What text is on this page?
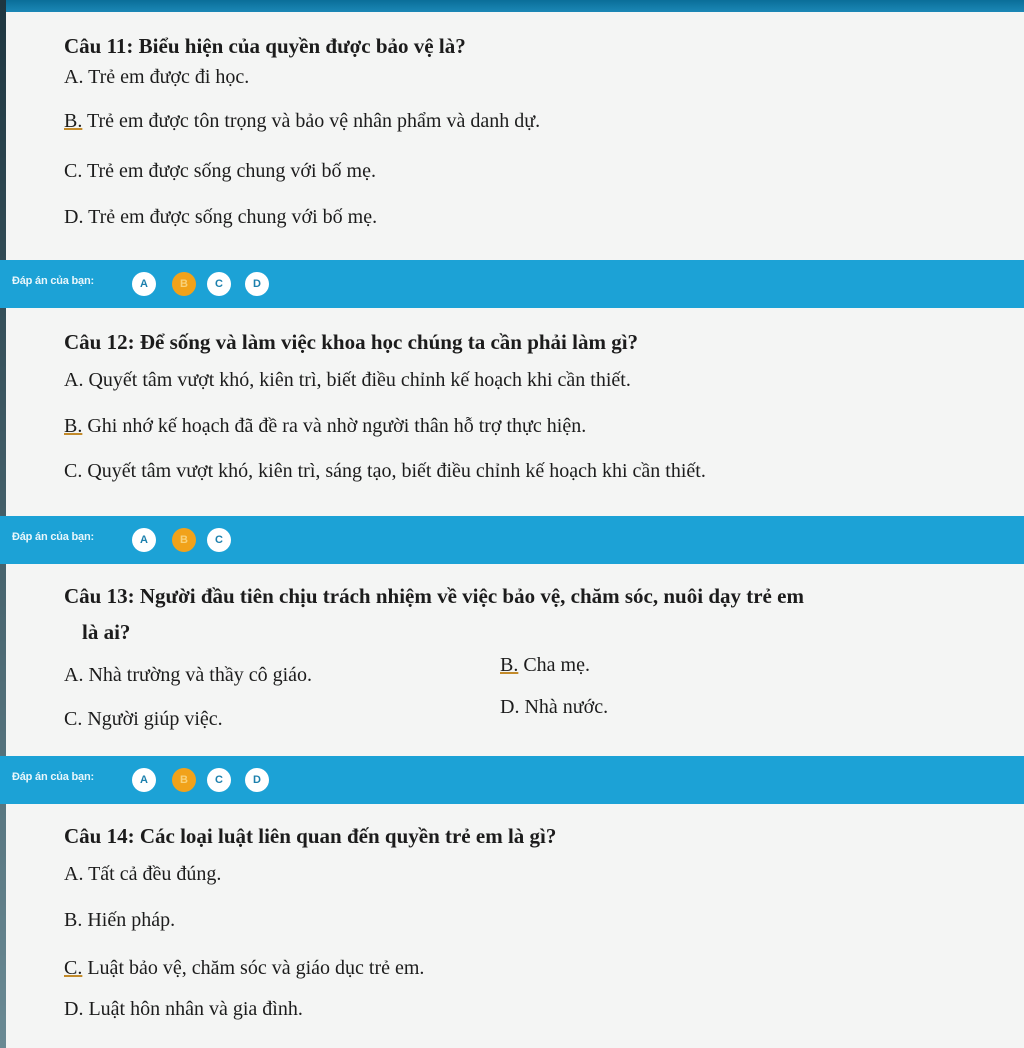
Câu 11: Biểu hiện của quyền được bảo vệ là?
A. Trẻ em được đi học.
B. Trẻ em được tôn trọng và bảo vệ nhân phẩm và danh dự.
C. Trẻ em được sống chung với bố mẹ.
D. Trẻ em được sống chung với bố mẹ.
Đáp án của bạn:	A	B	C	D
Câu 12: Để sống và làm việc khoa học chúng ta cần phải làm gì?
A. Quyết tâm vượt khó, kiên trì, biết điều chỉnh kế hoạch khi cần thiết.
B. Ghi nhớ kế hoạch đã đề ra và nhờ người thân hỗ trợ thực hiện.
C. Quyết tâm vượt khó, kiên trì, sáng tạo, biết điều chỉnh kế hoạch khi cần thiết.
Đáp án của bạn:	A	B	C
Câu 13: Người đầu tiên chịu trách nhiệm về việc bảo vệ, chăm sóc, nuôi dạy trẻ em
là ai?
A. Nhà trường và thầy cô giáo.	B. Cha mẹ.
C. Người giúp việc.
D. Nhà nước.
Đáp án của bạn:	A	B	C	D
Câu 14: Các loại luật liên quan đến quyền trẻ em là gì?
A. Tất cả đều đúng.
B. Hiến pháp.
C. Luật bảo vệ, chăm sóc và giáo dục trẻ em.
D. Luật hôn nhân và gia đình.
